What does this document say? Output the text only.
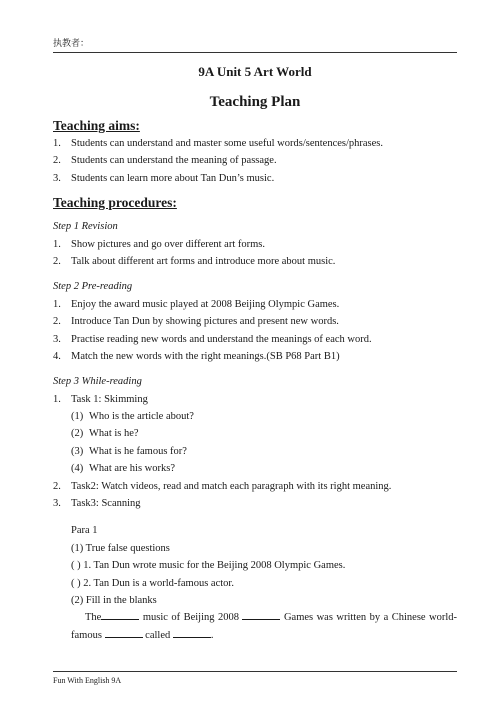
执教者：
9A Unit 5 Art World
Teaching Plan
Teaching aims:
1. Students can understand and master some useful words/sentences/phrases.
2. Students can understand the meaning of passage.
3. Students can learn more about Tan Dun’s music.
Teaching procedures:
Step 1 Revision
1. Show pictures and go over different art forms.
2. Talk about different art forms and introduce more about music.
Step 2 Pre-reading
1. Enjoy the award music played at 2008 Beijing Olympic Games.
2. Introduce Tan Dun by showing pictures and present new words.
3. Practise reading new words and understand the meanings of each word.
4. Match the new words with the right meanings.(SB P68 Part B1)
Step 3 While-reading
1. Task 1: Skimming
(1) Who is the article about?
(2) What is he?
(3) What is he famous for?
(4) What are his works?
2. Task2: Watch videos, read and match each paragraph with its right meaning.
3. Task3: Scanning
Para 1
(1) True false questions
( ) 1. Tan Dun wrote music for the Beijing 2008 Olympic Games.
( ) 2. Tan Dun is a world-famous actor.
(2) Fill in the blanks
The	music of Beijing 2008	Games was written by a Chinese world-famous	called	.
Fun With English 9A
